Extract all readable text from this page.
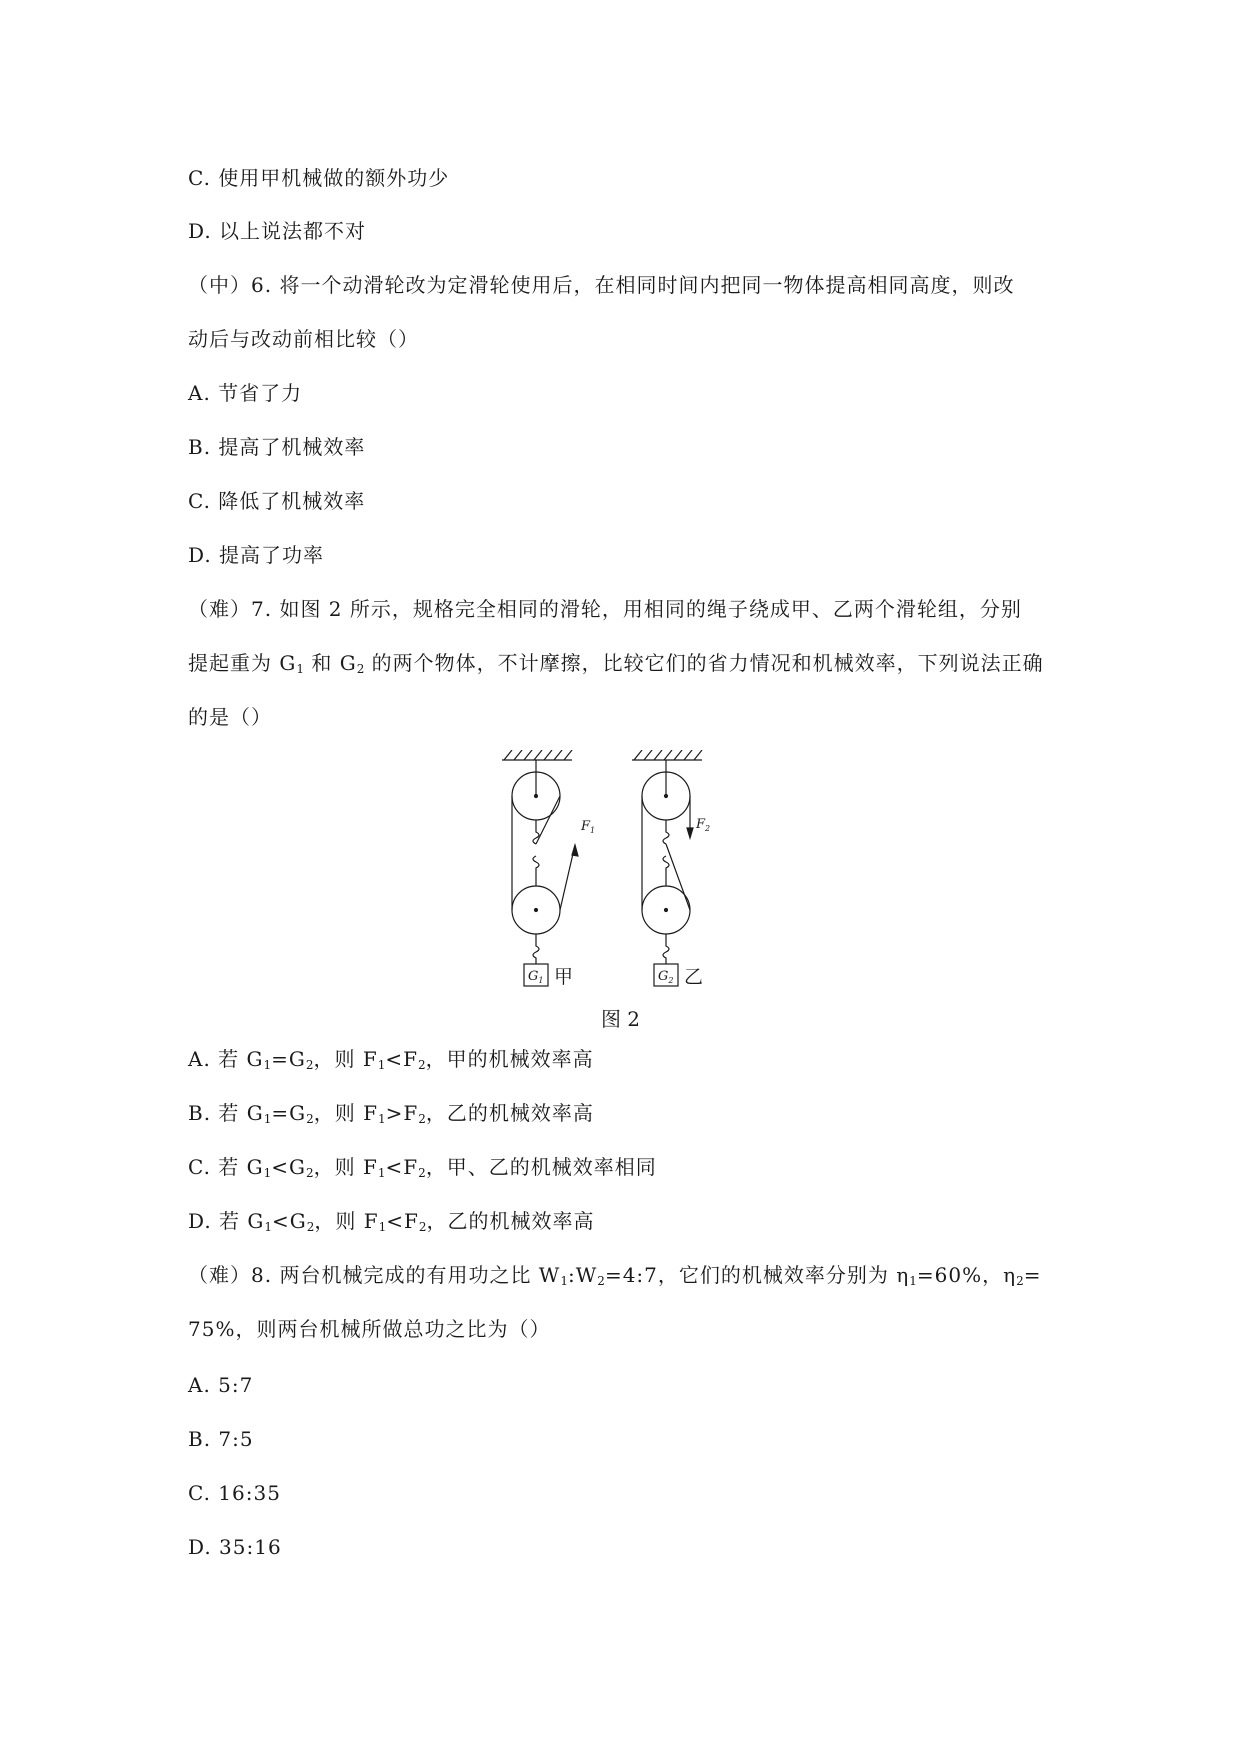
C. 使用甲机械做的额外功少
D. 以上说法都不对
（中）6. 将一个动滑轮改为定滑轮使用后，在相同时间内把同一物体提高相同高度，则改
动后与改动前相比较（）
A. 节省了力
B. 提高了机械效率
C. 降低了机械效率
D. 提高了功率
（难）7. 如图 2 所示，规格完全相同的滑轮，用相同的绳子绕成甲、乙两个滑轮组，分别
提起重为 $G_1$ 和 $G_2$ 的两个物体，不计摩擦，比较它们的省力情况和机械效率，下列说法正确
的是（）
$F_1$	$F_2$
$G_1$	$G_2$
甲	乙
图 2
A. 若 $G_1=G_2$，则 $F_1<F_2$，甲的机械效率高
B. 若 $G_1=G_2$，则 $F_1>F_2$，乙的机械效率高
C. 若 $G_1<G_2$，则 $F_1<F_2$，甲、乙的机械效率相同
D. 若 $G_1<G_2$，则 $F_1<F_2$，乙的机械效率高
（难）8. 两台机械完成的有用功之比 $W_1:W_2=4:7$，它们的机械效率分别为 $\eta_1=60\%$，$\eta_2=$
75%，则两台机械所做总功之比为（）
A. 5:7
B. 7:5
C. 16:35
D. 35:16
